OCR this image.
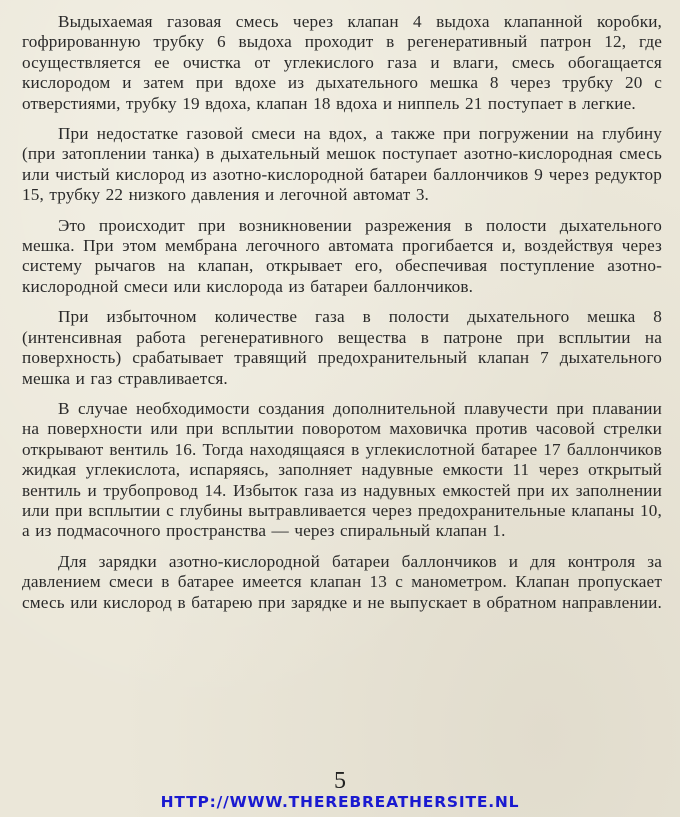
Выдыхаемая газовая смесь через клапан 4 выдоха клапанной коробки, гофрированную трубку 6 выдоха проходит в регенеративный патрон 12, где осуществляется ее очистка от углекислого газа и влаги, смесь обогащается кислородом и затем при вдохе из дыхательного мешка 8 через трубку 20 с отверстиями, трубку 19 вдоха, клапан 18 вдоха и ниппель 21 поступает в легкие.

При недостатке газовой смеси на вдох, а также при погружении на глубину (при затоплении танка) в дыхательный мешок поступает азотно-кислородная смесь или чистый кислород из азотно-кислородной батареи баллончиков 9 через редуктор 15, трубку 22 низкого давления и легочной автомат 3.

Это происходит при возникновении разрежения в полости дыхательного мешка. При этом мембрана легочного автомата прогибается и, воздействуя через систему рычагов на клапан, открывает его, обеспечивая поступление азотно-кислородной смеси или кислорода из батареи баллончиков.

При избыточном количестве газа в полости дыхательного мешка 8 (интенсивная работа регенеративного вещества в патроне при всплытии на поверхность) срабатывает травящий предохранительный клапан 7 дыхательного мешка и газ стравливается.

В случае необходимости создания дополнительной плавучести при плавании на поверхности или при всплытии поворотом маховичка против часовой стрелки открывают вентиль 16. Тогда находящаяся в углекислотной батарее 17 баллончиков жидкая углекислота, испаряясь, заполняет надувные емкости 11 через открытый вентиль и трубопровод 14. Избыток газа из надувных емкостей при их заполнении или при всплытии с глубины вытравливается через предохранительные клапаны 10, а из подмасочного пространства — через спиральный клапан 1.

Для зарядки азотно-кислородной батареи баллончиков и для контроля за давлением смеси в батарее имеется клапан 13 с манометром. Клапан пропускает смесь или кислород в батарею при зарядке и не выпускает в обратном направлении.

5
HTTP://WWW.THEREBREATHERSITE.NL
